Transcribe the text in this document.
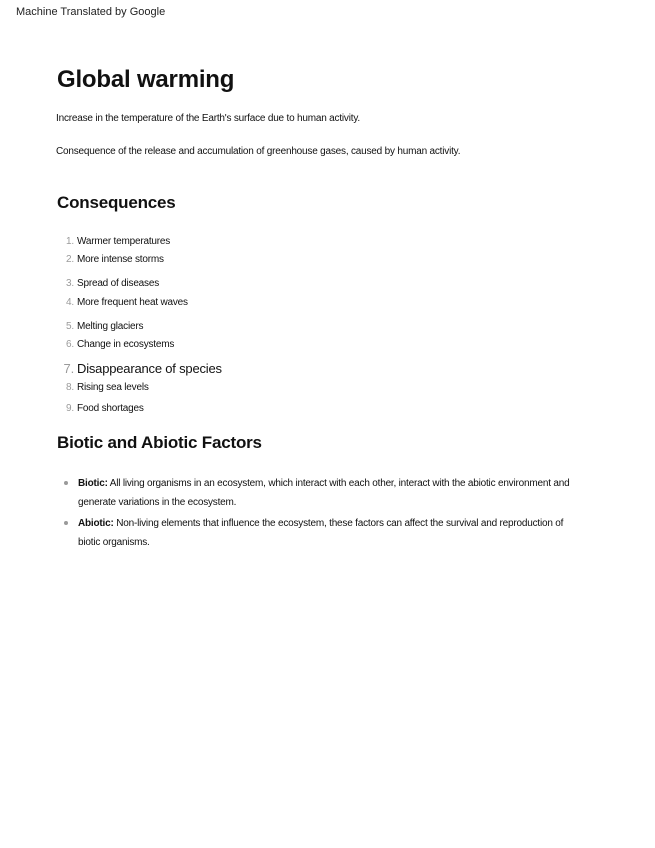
Machine Translated by Google
Global warming

Increase in the temperature of the Earth's surface due to human activity.

Consequence of the release and accumulation of greenhouse gases, caused by human activity.

Consequences
1. Warmer temperatures
2. More intense storms
3. Spread of diseases
4. More frequent heat waves
5. Melting glaciers
6. Change in ecosystems
7. Disappearance of species
8. Rising sea levels
9. Food shortages
Biotic and Abiotic Factors
Biotic: All living organisms in an ecosystem, which interact with each other, interact with the abiotic environment and generate variations in the ecosystem.
Abiotic: Non-living elements that influence the ecosystem, these factors can affect the survival and reproduction of biotic organisms.
